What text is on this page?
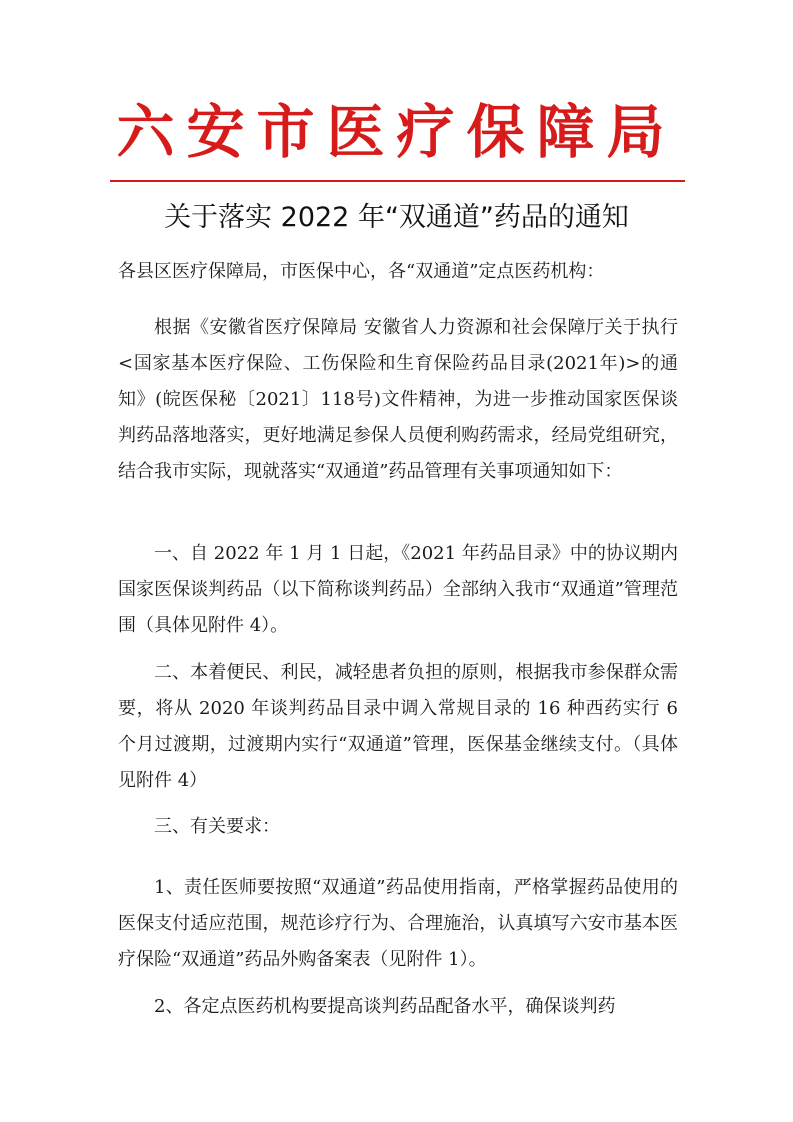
六安市医疗保障局
关于落实 2022 年“双通道”药品的通知

各县区医疗保障局，市医保中心，各“双通道”定点医药机构：

根据《安徽省医疗保障局 安徽省人力资源和社会保障厅关于执行<国家基本医疗保险、工伤保险和生育保险药品目录(2021年)>的通知》(皖医保秘〔2021〕118号)文件精神，为进一步推动国家医保谈判药品落地落实，更好地满足参保人员便利购药需求，经局党组研究，结合我市实际，现就落实“双通道”药品管理有关事项通知如下：

一、自 2022 年 1 月 1 日起，《2021 年药品目录》中的协议期内国家医保谈判药品（以下简称谈判药品）全部纳入我市“双通道”管理范围（具体见附件 4）。

二、本着便民、利民，减轻患者负担的原则，根据我市参保群众需要，将从 2020 年谈判药品目录中调入常规目录的 16 种西药实行 6 个月过渡期，过渡期内实行“双通道”管理，医保基金继续支付。（具体见附件 4）

三、有关要求：

1、责任医师要按照“双通道”药品使用指南，严格掌握药品使用的医保支付适应范围，规范诊疗行为、合理施治，认真填写六安市基本医疗保险“双通道”药品外购备案表（见附件 1）。

2、各定点医药机构要提高谈判药品配备水平，确保谈判药
